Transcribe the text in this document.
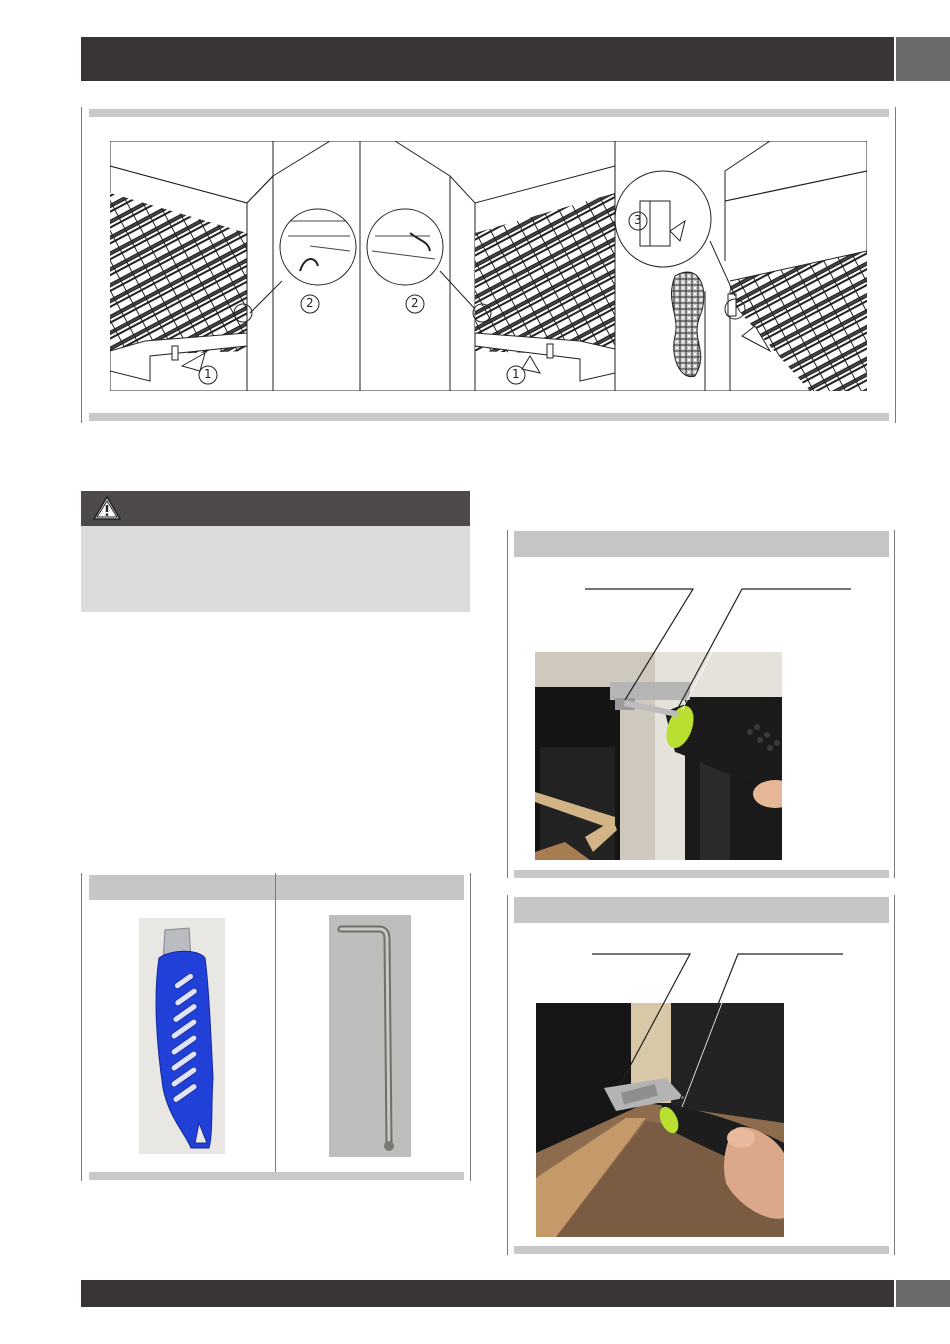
1
2	2
1
3
